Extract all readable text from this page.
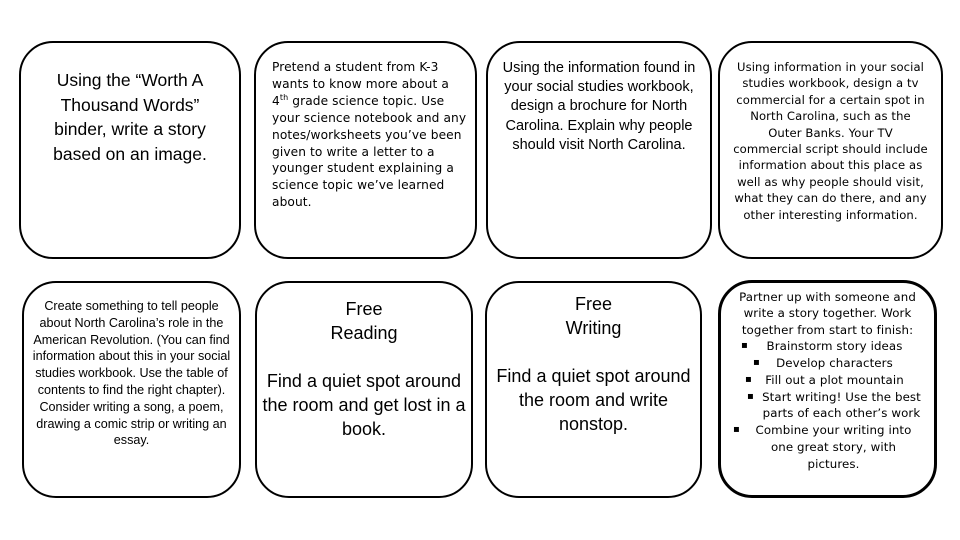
Using the “Worth A Thousand Words” binder, write a story based on an image.
Pretend a student from K-3 wants to know more about a 4th grade science topic. Use your science notebook and any notes/worksheets you’ve been given to write a letter to a younger student explaining a science topic we’ve learned about.
Using the information found in your social studies workbook, design a brochure for North Carolina. Explain why people should visit North Carolina.
Using information in your social
studies workbook, design a tv
commercial for a certain spot in
North Carolina, such as the
Outer Banks. Your TV
commercial script should include
information about this place as
well as why people should visit,
what they can do there, and any
other interesting information.
Create something to tell people about North Carolina’s role in the American Revolution. (You can find information about this in your social studies workbook. Use the table of contents to find the right chapter). Consider writing a song, a poem, drawing a comic strip or writing an essay.
Free
Reading
Find a quiet spot around the room and get lost in a book.
Free
Writing
Find a quiet spot around the room and write nonstop.
Partner up with someone and
write a story together. Work
together from start to finish:
▪ Brainstorm story ideas
▪ Develop characters
▪ Fill out a plot mountain
▪ Start writing! Use the best parts of each other’s work
▪ Combine your writing into one great story, with pictures.
